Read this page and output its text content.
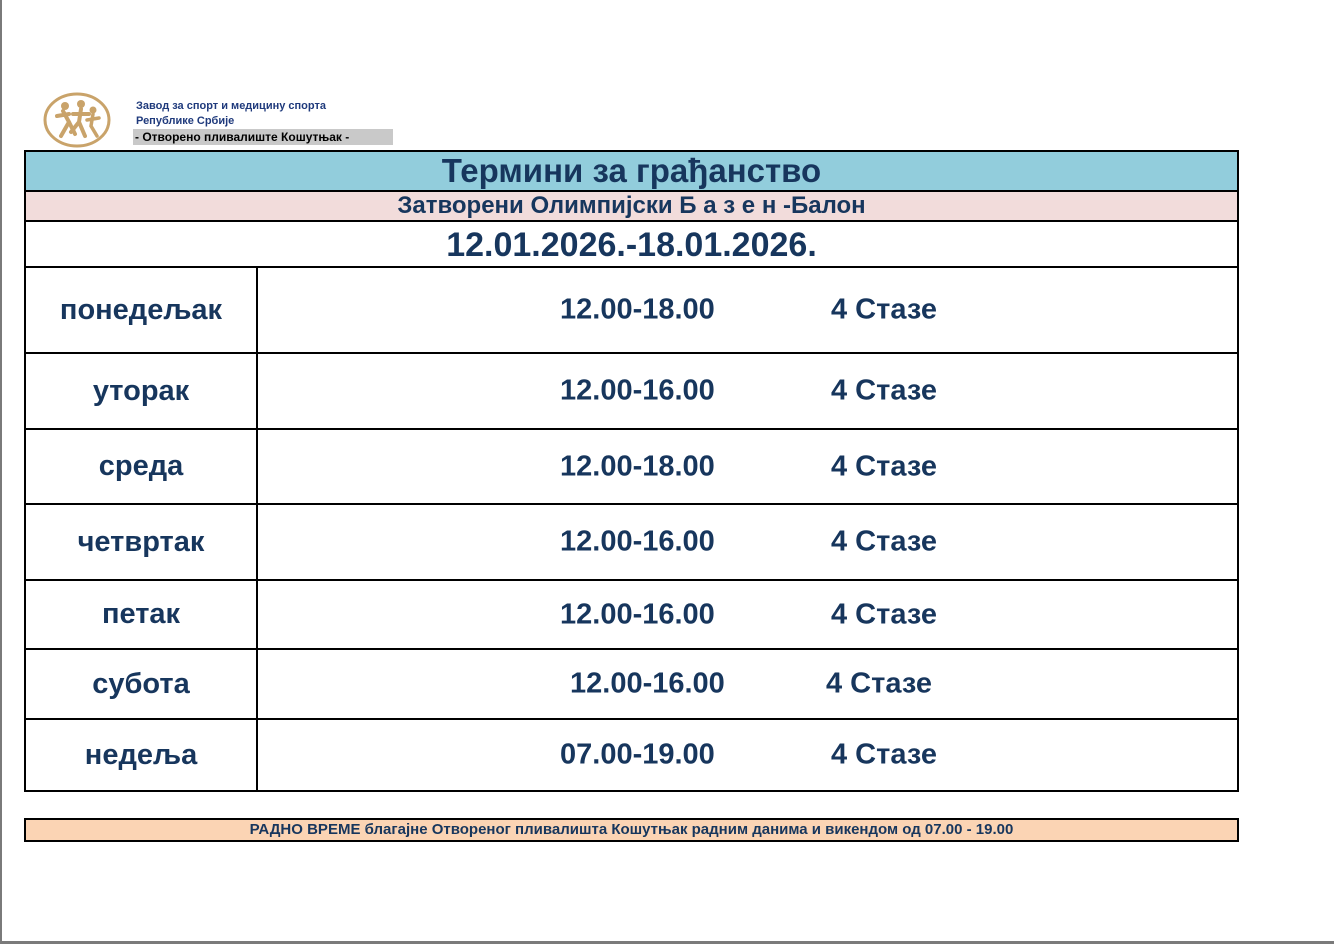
Завод за спорт и медицину спорта
Републике Србије
- Отворено пливалиште Кошутњак -
Термини за грађанство
Затворени Олимпијски Б а з е н -Балон
12.01.2026.-18.01.2026.
понедељак	12.00-18.00	4 Стазе
уторак	12.00-16.00	4 Стазе
среда	12.00-18.00	4 Стазе
четвртак	12.00-16.00	4 Стазе
петак	12.00-16.00	4 Стазе
субота	12.00-16.00	4 Стазе
недеља	07.00-19.00	4 Стазе
РАДНО ВРЕМЕ благајне Отвореног пливалишта Кошутњак радним данима и викендом од 07.00 - 19.00
